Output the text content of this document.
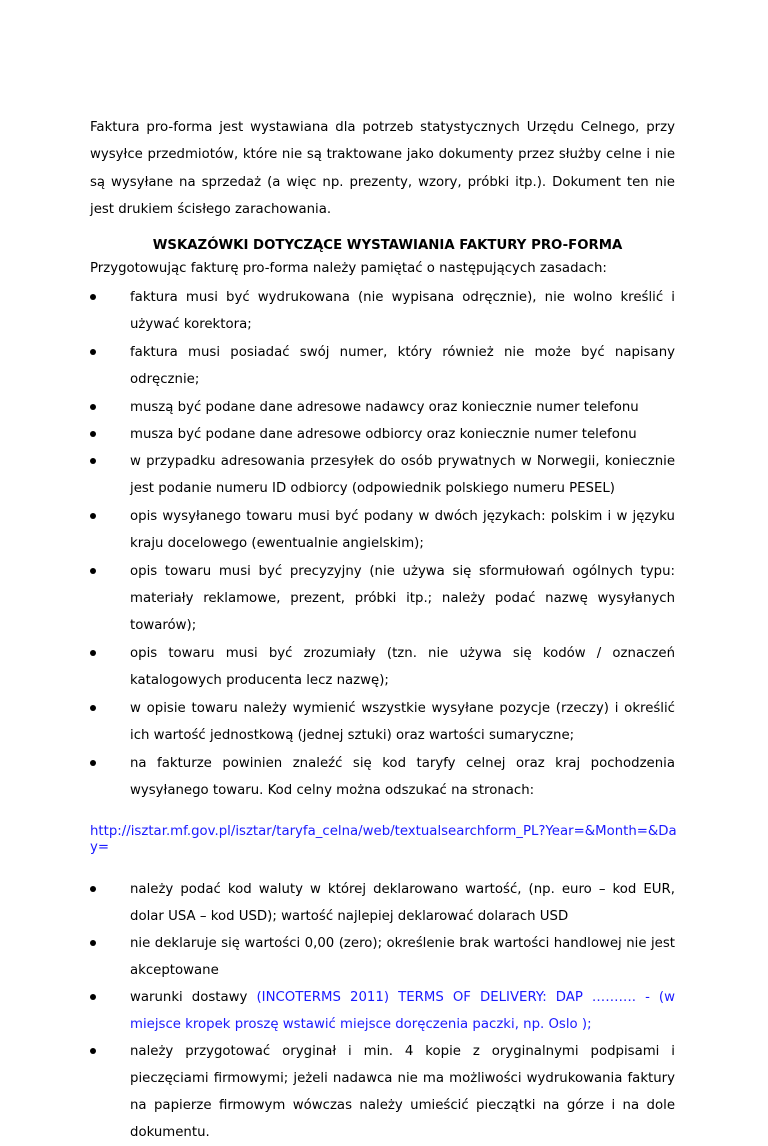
Faktura pro-forma jest wystawiana dla potrzeb statystycznych Urzędu Celnego, przy wysyłce przedmiotów, które nie są traktowane jako dokumenty przez służby celne i nie są wysyłane na sprzedaż (a więc np. prezenty, wzory, próbki itp.). Dokument ten nie jest drukiem ścisłego zarachowania.

WSKAZÓWKI DOTYCZĄCE WYSTAWIANIA FAKTURY PRO-FORMA

Przygotowując fakturę pro-forma należy pamiętać o następujących zasadach:

faktura musi być wydrukowana (nie wypisana odręcznie), nie wolno kreślić i używać korektora;
faktura musi posiadać swój numer, który również nie może być napisany odręcznie;
muszą być podane dane adresowe nadawcy oraz koniecznie numer telefonu
musza być podane dane adresowe odbiorcy oraz koniecznie numer telefonu
w przypadku adresowania przesyłek do osób prywatnych w Norwegii, koniecznie jest podanie numeru ID odbiorcy (odpowiednik polskiego numeru PESEL)
opis wysyłanego towaru musi być podany w dwóch językach: polskim i w języku kraju docelowego (ewentualnie angielskim);
opis towaru musi być precyzyjny (nie używa się sformułowań ogólnych typu: materiały reklamowe, prezent, próbki itp.; należy podać nazwę wysyłanych towarów);
opis towaru musi być zrozumiały (tzn. nie używa się kodów / oznaczeń katalogowych producenta lecz nazwę);
w opisie towaru należy wymienić wszystkie wysyłane pozycje (rzeczy) i określić ich wartość jednostkową (jednej sztuki) oraz wartości sumaryczne;
na fakturze powinien znaleźć się kod taryfy celnej oraz kraj pochodzenia wysyłanego towaru. Kod celny można odszukać na stronach:
http://isztar.mf.gov.pl/isztar/taryfa_celna/web/textualsearchform_PL?Year=&Month=&Day=
należy podać kod waluty w której deklarowano wartość, (np. euro – kod EUR, dolar USA – kod USD); wartość najlepiej deklarować dolarach USD
nie deklaruje się wartości 0,00 (zero); określenie brak wartości handlowej nie jest akceptowane
warunki dostawy (INCOTERMS 2011) TERMS OF DELIVERY: DAP ………. - (w miejsce kropek proszę wstawić miejsce doręczenia paczki, np. Oslo );
należy przygotować oryginał i min. 4 kopie z oryginalnymi podpisami i pieczęciami firmowymi; jeżeli nadawca nie ma możliwości wydrukowania faktury na papierze firmowym wówczas należy umieścić pieczątki na górze i na dole dokumentu.
